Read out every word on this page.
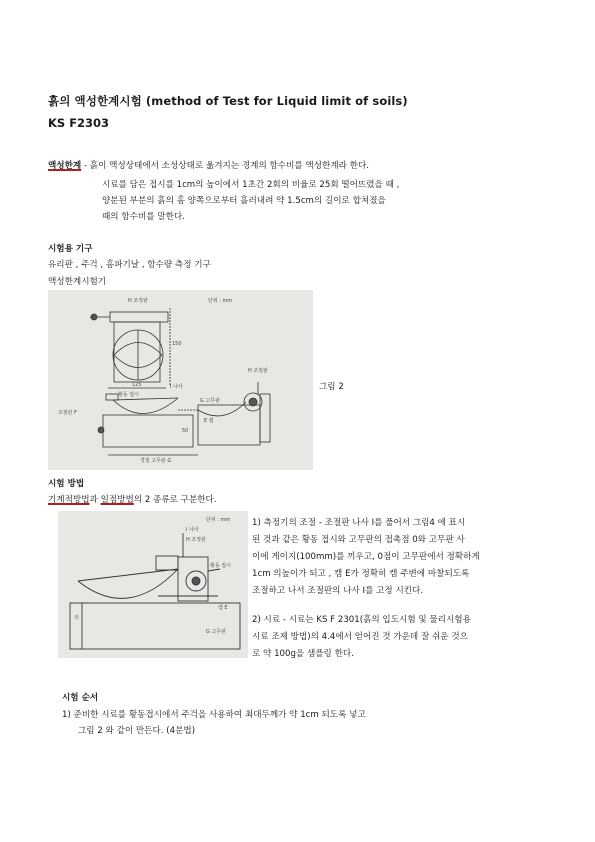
흙의 액성한계시험 (method of Test for Liquid limit of soils)
KS F2303
액성한계 - 흙이 액성상태에서 소성상태로 옮겨지는 경계의 함수비를 액성한계라 한다.
시료를 담은 접시를 1cm의 높이에서 1초간 2회의 비율로 25회 떨어뜨렸을 때 ,
양분된 부분의 흙의 홈 양쪽으로부터 흘러내려 약 1.5cm의 길이로 합쳐졌을
때의 함수비를 말한다.
시험용 기구
유리판 , 주걱 , 홈파기날 , 함수량 측정 기구
액성한계시험기
단위 : mm
H 조정판
150
125	I 나사
H 조절판
E 캠
황동 접시
G 고무판
50
조절판 F
경질 고무판 G
그림 2
시험 방법
기계적방법과 일점방법의 2 종류로 구분한다.
단위 : mm
I 나사
H 조정판
황동 접시
캠 E
G 고무판
의
1) 측정기의 조절 - 조절판 나사 I를 풀어서 그림4 에 표시
된 것과 같은 황동 접시와 고무판의 접촉점 0와 고무판 사
이에 게이지(100mm)를 끼우고, 0점이 고무판에서 정확하게
1cm 의높이가 되고 , 캠 E가 정확히 캠 주변에 마찰되도록
조절하고 나서 조절판의 나사 I를 고정 시킨다.
2) 시료 - 시료는 KS F 2301(흙의 입도시험 및 물리시험용
시료 조제 방법)의 4.4에서 얻어진 것 가운데 잘 쉬운 것으
로 약 100g을 샘플링 한다.
시험 순서
1) 준비한 시료를 황동접시에서 주걱을 사용하여 최대두께가 약 1cm 되도록 넣고
그림 2 와 같이 만든다. (4분법)
